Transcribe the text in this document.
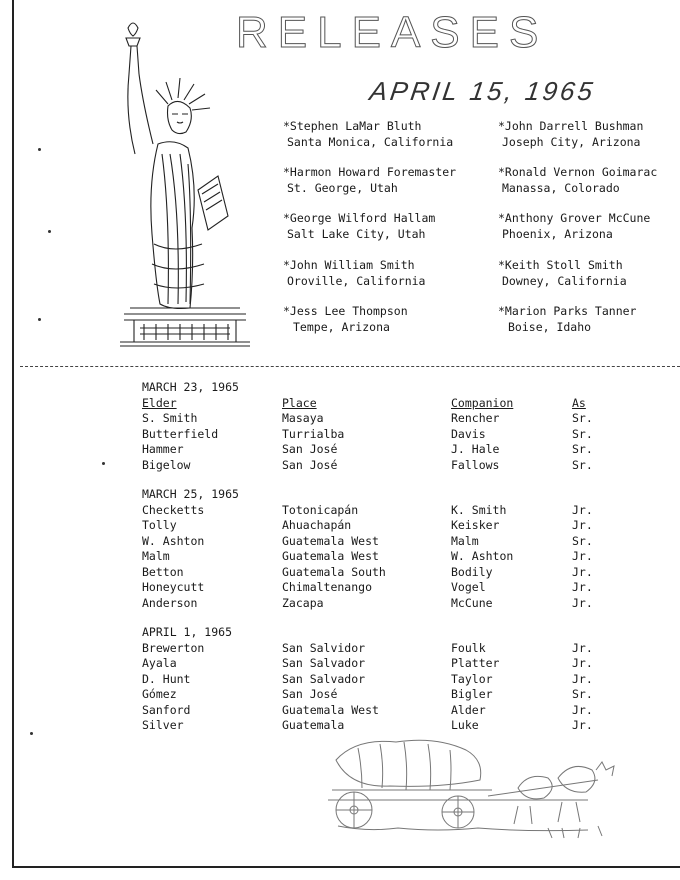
RELEASES
APRIL 15, 1965
*Stephen LaMar Bluth
Santa Monica, California
*John Darrell Bushman
Joseph City, Arizona
*Harmon Howard Foremaster
St. George, Utah
*Ronald Vernon Goimarac
Manassa, Colorado
*George Wilford Hallam
Salt Lake City, Utah
*Anthony Grover McCune
Phoenix, Arizona
*John William Smith
Oroville, California
*Keith Stoll Smith
Downey, California
*Jess Lee Thompson
Tempe, Arizona
*Marion Parks Tanner
Boise, Idaho
MARCH 23, 1965
Elder	Place	Companion	As
S. Smith	Masaya	Rencher	Sr.
Butterfield	Turrialba	Davis	Sr.
Hammer	San José	J. Hale	Sr.
Bigelow	San José	Fallows	Sr.
MARCH 25, 1965
Checketts	Totonicapán	K. Smith	Jr.
Tolly	Ahuachapán	Keisker	Jr.
W. Ashton	Guatemala West	Malm	Sr.
Malm	Guatemala West	W. Ashton	Jr.
Betton	Guatemala South	Bodily	Jr.
Honeycutt	Chimaltenango	Vogel	Jr.
Anderson	Zacapa	McCune	Jr.
APRIL 1, 1965
Brewerton	San Salvidor	Foulk	Jr.
Ayala	San Salvador	Platter	Jr.
D. Hunt	San Salvador	Taylor	Jr.
Gómez	San José	Bigler	Sr.
Sanford	Guatemala West	Alder	Jr.
Silver	Guatemala	Luke	Jr.
